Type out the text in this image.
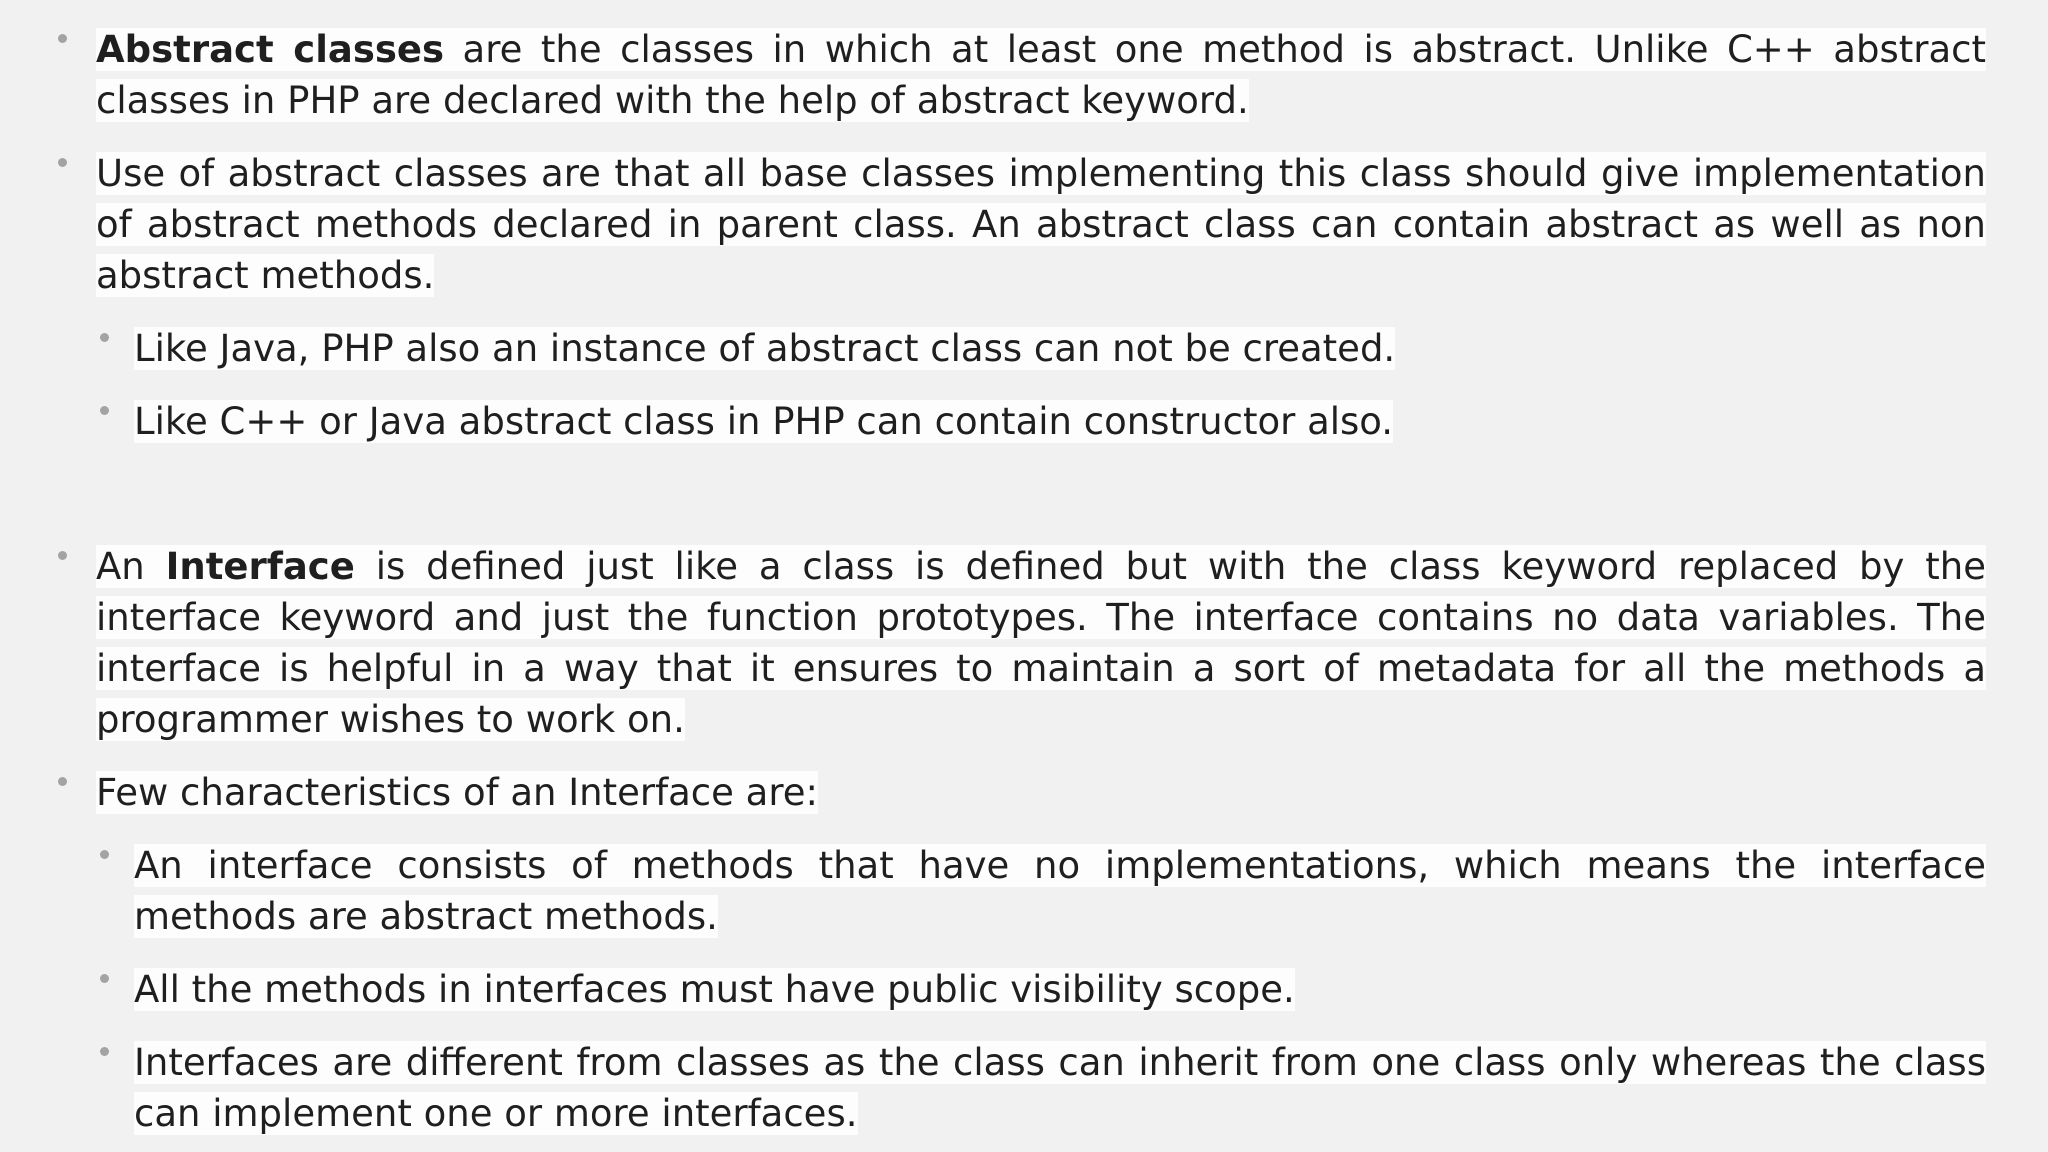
Abstract classes are the classes in which at least one method is abstract. Unlike C++ abstract classes in PHP are declared with the help of abstract keyword.
Use of abstract classes are that all base classes implementing this class should give implementation of abstract methods declared in parent class. An abstract class can contain abstract as well as non abstract methods.
Like Java, PHP also an instance of abstract class can not be created.
Like C++ or Java abstract class in PHP can contain constructor also.
An Interface is defined just like a class is defined but with the class keyword replaced by the interface keyword and just the function prototypes. The interface contains no data variables. The interface is helpful in a way that it ensures to maintain a sort of metadata for all the methods a programmer wishes to work on.
Few characteristics of an Interface are:
An interface consists of methods that have no implementations, which means the interface methods are abstract methods.
All the methods in interfaces must have public visibility scope.
Interfaces are different from classes as the class can inherit from one class only whereas the class can implement one or more interfaces.
